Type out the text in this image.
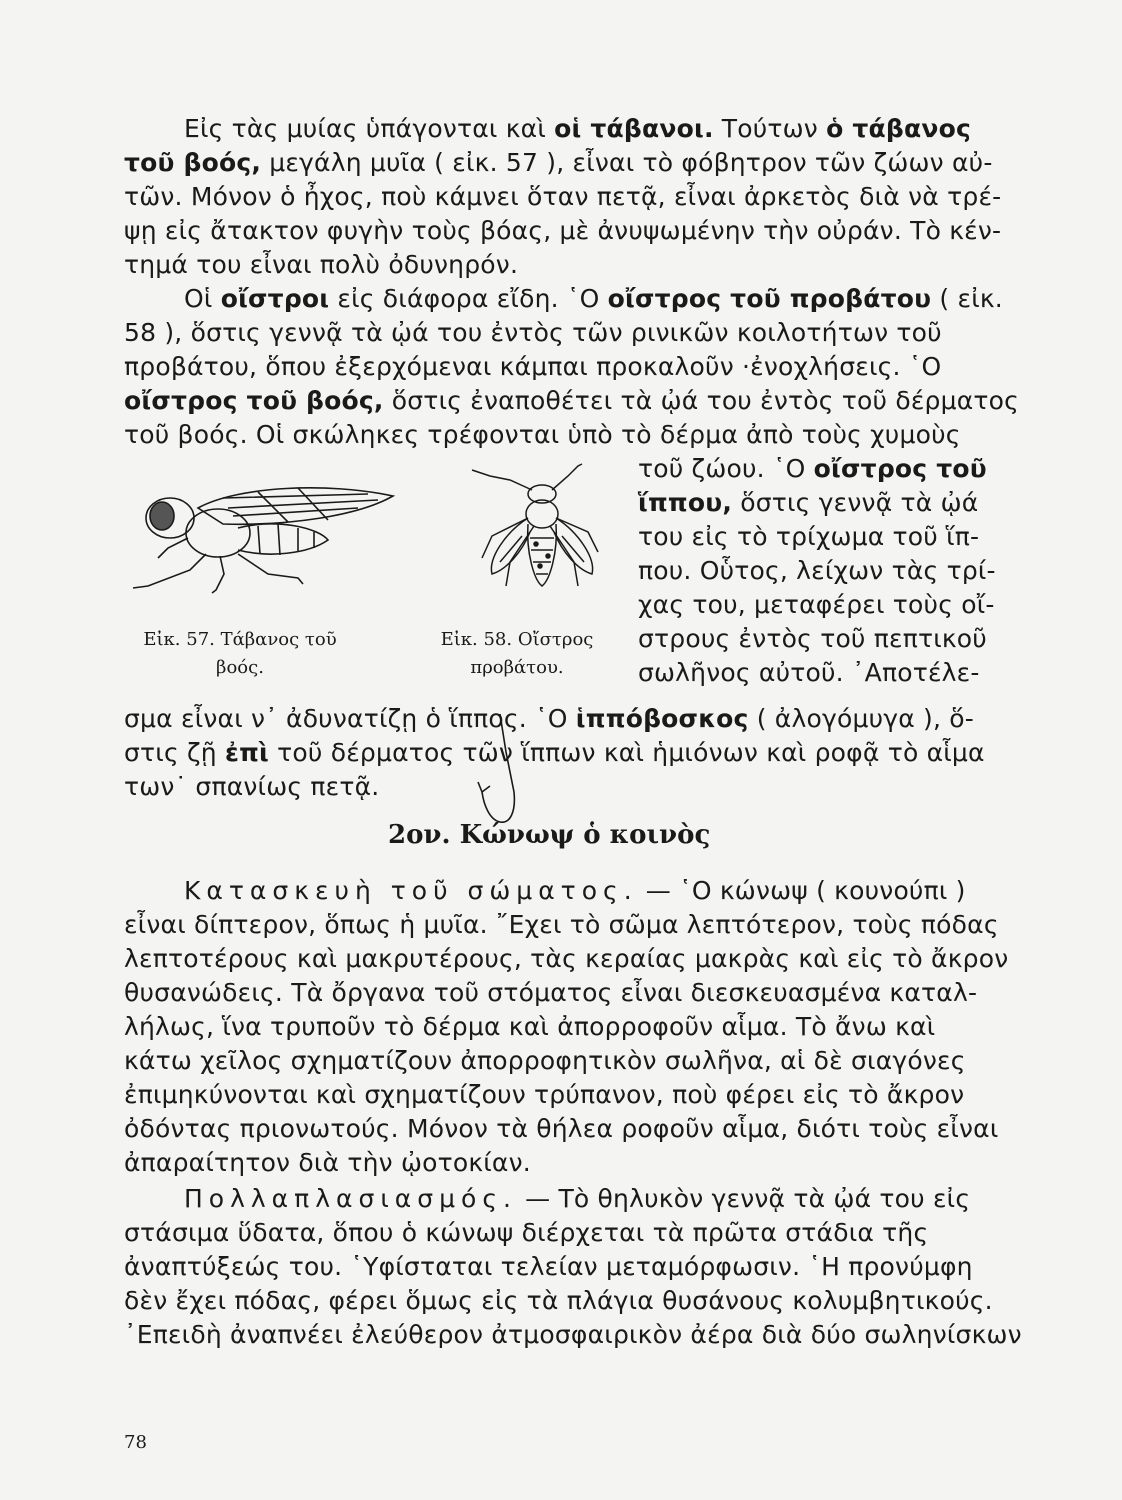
Εἰς τὰς μυίας ὑπάγονται καὶ οἱ τάβανοι. Τούτων ὁ τάβανος
τοῦ βοός, μεγάλη μυῖα ( εἰκ. 57 ), εἶναι τὸ φόβητρον τῶν ζώων αὐ-
τῶν. Μόνον ὁ ἦχος, ποὺ κάμνει ὅταν πετᾷ, εἶναι ἀρκετὸς διὰ νὰ τρέ-
ψῃ εἰς ἄτακτον φυγὴν τοὺς βόας, μὲ ἀνυψωμένην τὴν οὐράν. Τὸ κέν-
τημά του εἶναι πολὺ ὀδυνηρόν.
Οἱ οἴστροι εἰς διάφορα εἴδη. ῾Ο οἴστρος τοῦ προβάτου ( εἰκ.
58 ), ὅστις γεννᾷ τὰ ᾠά του ἐντὸς τῶν ρινικῶν κοιλοτήτων τοῦ
προβάτου, ὅπου ἐξερχόμεναι κάμπαι προκαλοῦν ·ἐνοχλήσεις. ῾Ο
οἴστρος τοῦ βοός, ὅστις ἐναποθέτει τὰ ᾠά του ἐντὸς τοῦ δέρματος
τοῦ βοός. Οἱ σκώληκες τρέφονται ὑπὸ τὸ δέρμα ἀπὸ τοὺς χυμοὺς
τοῦ ζώου. ῾Ο οἴστρος τοῦ
ἵππου, ὅστις γεννᾷ τὰ ᾠά
του εἰς τὸ τρίχωμα τοῦ ἵπ-
που. Οὗτος, λείχων τὰς τρί-
χας του, μεταφέρει τοὺς οἴ-
στρους ἐντὸς τοῦ πεπτικοῦ
σωλῆνος αὐτοῦ. ᾽Αποτέλε-
σμα εἶναι ν᾽ ἀδυνατίζῃ ὁ ἵππος. ῾Ο ἱππόβοσκος ( ἀλογόμυγα ), ὅ-
στις ζῇ ἐπὶ τοῦ δέρματος τῶν ἵππων καὶ ἡμιόνων καὶ ροφᾷ τὸ αἷμα
των˙ σπανίως πετᾷ.
Εἰκ. 57. Τάβανος τοῦ
βοός.
Εἰκ. 58. Οἴστρος
προβάτου.
2ον. Κώνωψ ὁ κοινὸς
Κατασκευὴ τοῦ σώματος. — ῾Ο κώνωψ ( κουνούπι )
εἶναι δίπτερον, ὅπως ἡ μυῖα. ῎Εχει τὸ σῶμα λεπτότερον, τοὺς πόδας
λεπτοτέρους καὶ μακρυτέρους, τὰς κεραίας μακρὰς καὶ εἰς τὸ ἄκρον
θυσανώδεις. Τὰ ὄργανα τοῦ στόματος εἶναι διεσκευασμένα καταλ-
λήλως, ἵνα τρυποῦν τὸ δέρμα καὶ ἀπορροφοῦν αἷμα. Τὸ ἄνω καὶ
κάτω χεῖλος σχηματίζουν ἀπορροφητικὸν σωλῆνα, αἱ δὲ σιαγόνες
ἐπιμηκύνονται καὶ σχηματίζουν τρύπανον, ποὺ φέρει εἰς τὸ ἄκρον
ὀδόντας πριονωτούς. Μόνον τὰ θήλεα ροφοῦν αἷμα, διότι τοὺς εἶναι
ἀπαραίτητον διὰ τὴν ᾠοτοκίαν.
Πολλαπλασιασμός. — Τὸ θηλυκὸν γεννᾷ τὰ ᾠά του εἰς
στάσιμα ὕδατα, ὅπου ὁ κώνωψ διέρχεται τὰ πρῶτα στάδια τῆς
ἀναπτύξεώς του. ῾Υφίσταται τελείαν μεταμόρφωσιν. ῾Η προνύμφη
δὲν ἔχει πόδας, φέρει ὅμως εἰς τὰ πλάγια θυσάνους κολυμβητικούς.
᾽Επειδὴ ἀναπνέει ἐλεύθερον ἀτμοσφαιρικὸν ἀέρα διὰ δύο σωληνίσκων
78
